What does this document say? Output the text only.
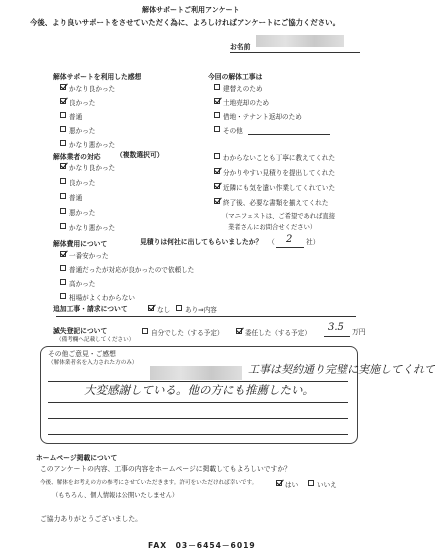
解体サポートご利用アンケート
今後、より良いサポートをさせていただく為に、よろしければアンケートにご協力ください。
お名前
解体サポートを利用した感想
かなり良かった
良かった
普通
悪かった
かなり悪かった
今回の解体工事は
建替えのため
土地売却のため
借地・テナント返却のため
その他
解体業者の対応 （複数選択可）
かなり良かった
良かった
普通
悪かった
かなり悪かった
わからないことも丁寧に教えてくれた
分かりやすい見積りを提出してくれた
近隣にも気を遣い作業してくれていた
終了後、必要な書類を揃えてくれた
（マニフェストは、ご希望であれば直接
業者さんにお問合せください）
解体費用について	見積りは何社に出してもらいましたか？ （ 2 社）
一番安かった
普通だったが対応が良かったので依頼した
高かった
相場がよくわからない
追加工事・請求について	なし あり⇒内容
滅失登記について
（備考欄へ記載してください）
自分でした（する予定）	委任した（する予定） 3.5 万円
その他ご意見・ご感想
（解体業者名を入力された方のみ）	工事は契約通り完璧に実施してくれて
大変感謝している。他の方にも推薦したい。
ホームページ掲載について
このアンケートの内容、工事の内容をホームページに掲載してもよろしいですか？
今後、解体をお考えの方の参考にさせていただきます。許可をいただければ幸いです。	はい	いいえ
（もちろん、個人情報は公開いたしません）
ご協力ありがとうございました。
FAX　03－6454－6019
